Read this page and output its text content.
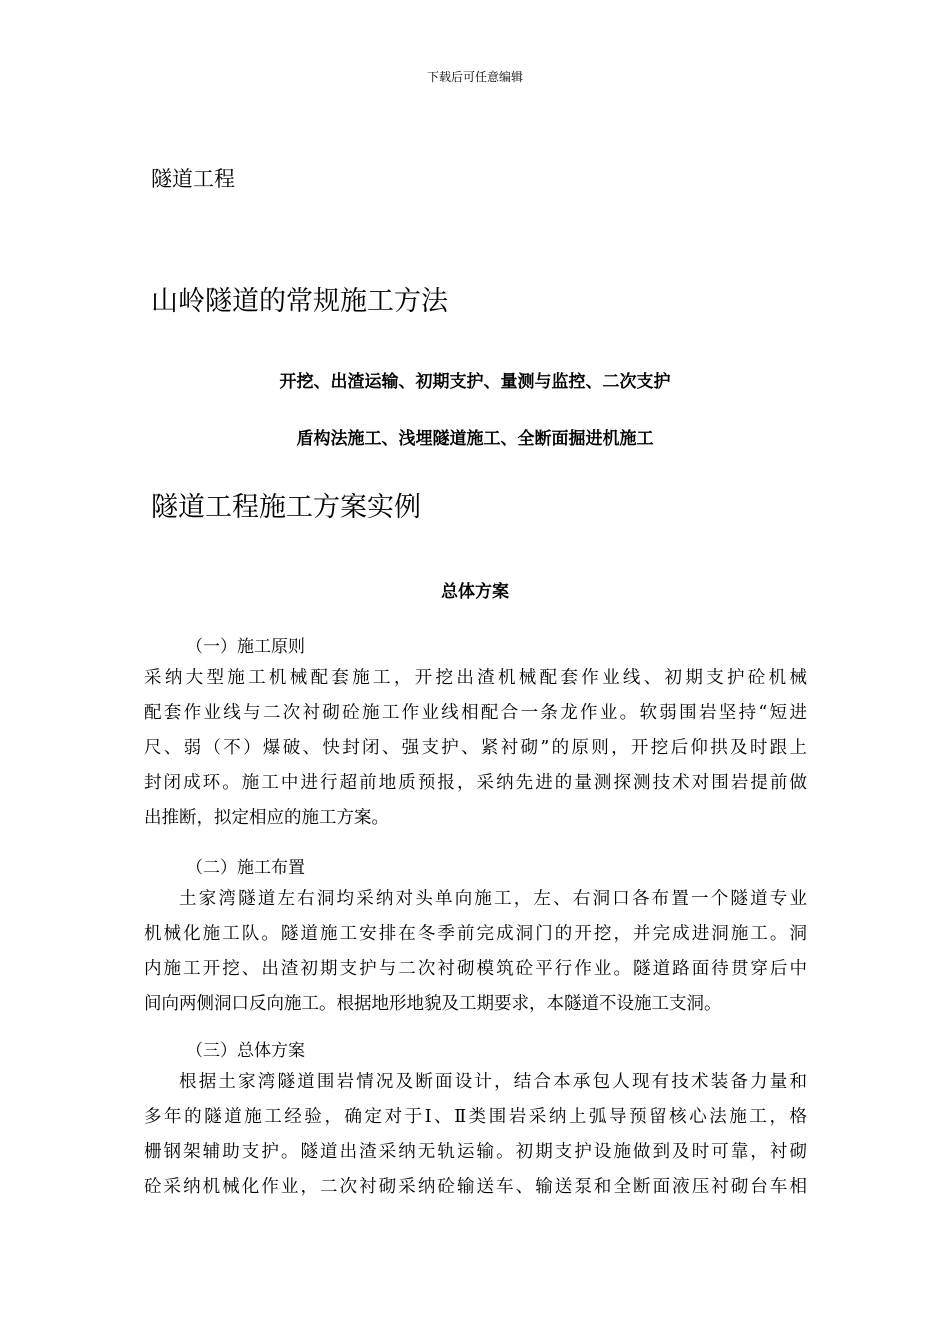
下载后可任意编辑
隧道工程
山岭隧道的常规施工方法
开挖、出渣运输、初期支护、量测与监控、二次支护
盾构法施工、浅埋隧道施工、全断面掘进机施工
隧道工程施工方案实例
总体方案
（一）施工原则
采纳大型施工机械配套施工，开挖出渣机械配套作业线、初期支护砼机械
配套作业线与二次衬砌砼施工作业线相配合一条龙作业。软弱围岩坚持“短进
尺、弱（不）爆破、快封闭、强支护、紧衬砌”的原则，开挖后仰拱及时跟上
封闭成环。施工中进行超前地质预报，采纳先进的量测探测技术对围岩提前做
出推断，拟定相应的施工方案。
（二）施工布置
土家湾隧道左右洞均采纳对头单向施工，左、右洞口各布置一个隧道专业
机械化施工队。隧道施工安排在冬季前完成洞门的开挖，并完成进洞施工。洞
内施工开挖、出渣初期支护与二次衬砌模筑砼平行作业。隧道路面待贯穿后中
间向两侧洞口反向施工。根据地形地貌及工期要求，本隧道不设施工支洞。
（三）总体方案
根据土家湾隧道围岩情况及断面设计，结合本承包人现有技术装备力量和
多年的隧道施工经验，确定对于Ⅰ、Ⅱ类围岩采纳上弧导预留核心法施工，格
栅钢架辅助支护。隧道出渣采纳无轨运输。初期支护设施做到及时可靠，衬砌
砼采纳机械化作业，二次衬砌采纳砼输送车、输送泵和全断面液压衬砌台车相
